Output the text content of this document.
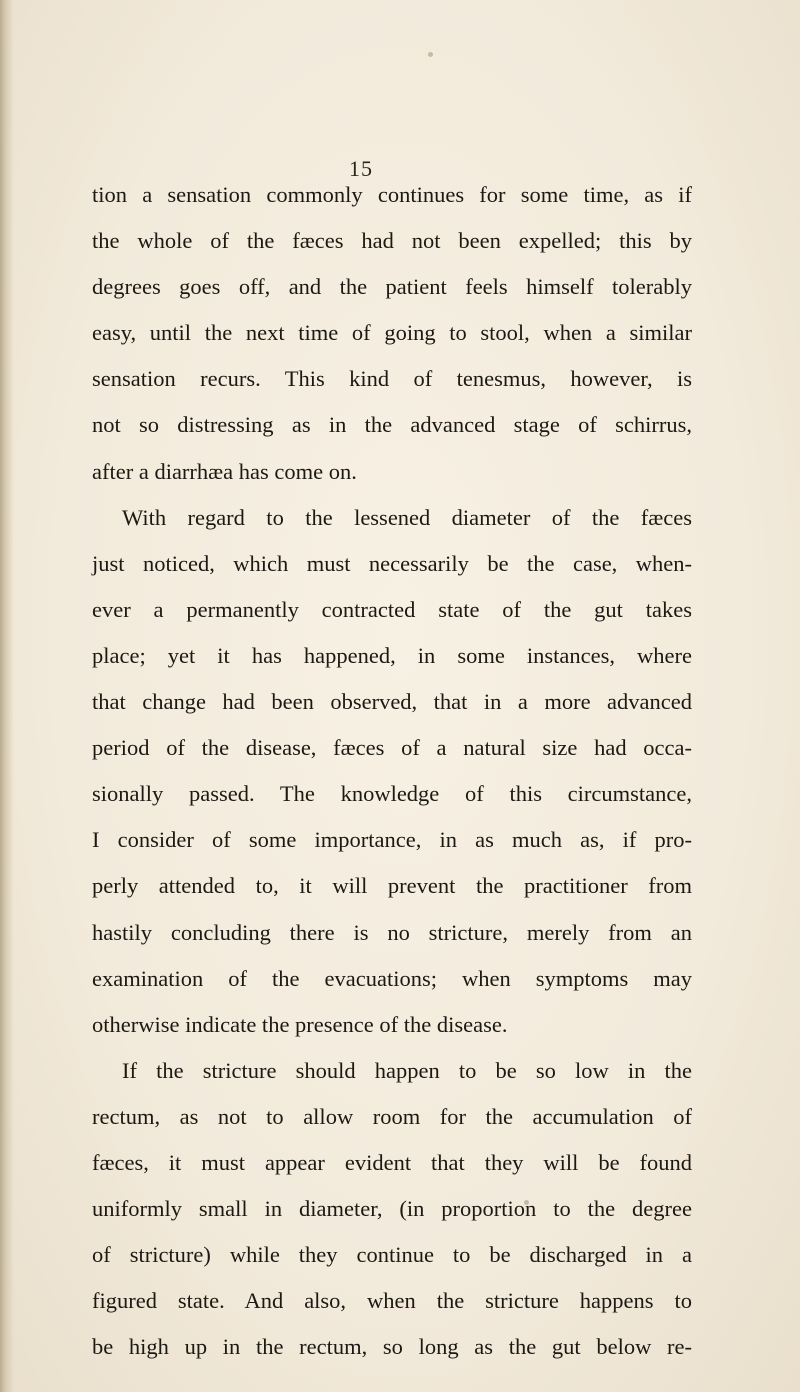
15
tion a sensation commonly continues for some time, as if
the whole of the fæces had not been expelled; this by
degrees goes off, and the patient feels himself tolerably
easy, until the next time of going to stool, when a similar
sensation recurs. This kind of tenesmus, however, is
not so distressing as in the advanced stage of schirrus,
after a diarrhæa has come on.
With regard to the lessened diameter of the fæces
just noticed, which must necessarily be the case, when-
ever a permanently contracted state of the gut takes
place; yet it has happened, in some instances, where
that change had been observed, that in a more advanced
period of the disease, fæces of a natural size had occa-
sionally passed. The knowledge of this circumstance,
I consider of some importance, in as much as, if pro-
perly attended to, it will prevent the practitioner from
hastily concluding there is no stricture, merely from an
examination of the evacuations; when symptoms may
otherwise indicate the presence of the disease.
If the stricture should happen to be so low in the
rectum, as not to allow room for the accumulation of
fæces, it must appear evident that they will be found
uniformly small in diameter, (in proportion to the degree
of stricture) while they continue to be discharged in a
figured state. And also, when the stricture happens to
be high up in the rectum, so long as the gut below re-
